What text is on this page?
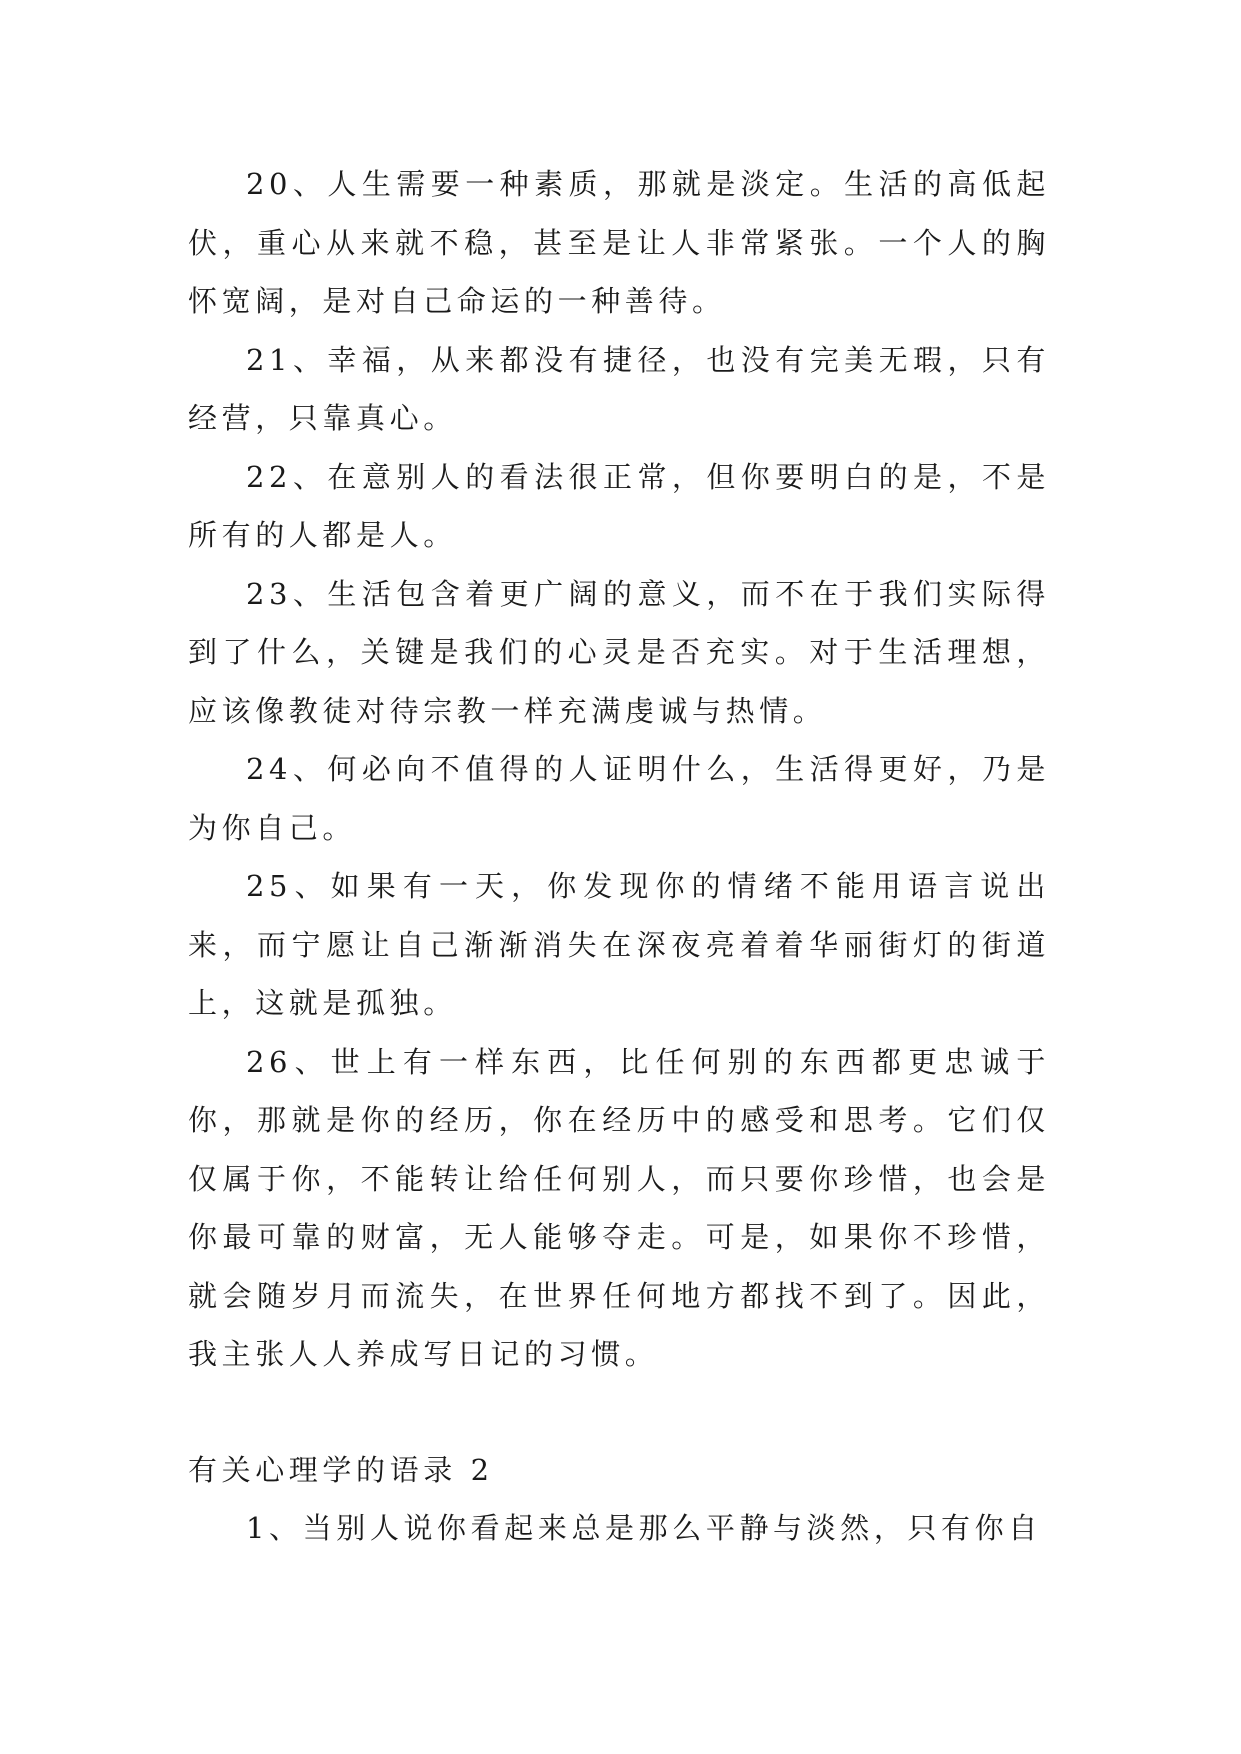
20、人生需要一种素质，那就是淡定。生活的高低起伏，重心从来就不稳，甚至是让人非常紧张。一个人的胸怀宽阔，是对自己命运的一种善待。

21、幸福，从来都没有捷径，也没有完美无瑕，只有经营，只靠真心。

22、在意别人的看法很正常，但你要明白的是，不是所有的人都是人。

23、生活包含着更广阔的意义，而不在于我们实际得到了什么，关键是我们的心灵是否充实。对于生活理想，应该像教徒对待宗教一样充满虔诚与热情。

24、何必向不值得的人证明什么，生活得更好，乃是为你自己。

25、如果有一天，你发现你的情绪不能用语言说出来，而宁愿让自己渐渐消失在深夜亮着着华丽街灯的街道上，这就是孤独。

26、世上有一样东西，比任何别的东西都更忠诚于你，那就是你的经历，你在经历中的感受和思考。它们仅仅属于你，不能转让给任何别人，而只要你珍惜，也会是你最可靠的财富，无人能够夺走。可是，如果你不珍惜，就会随岁月而流失，在世界任何地方都找不到了。因此，我主张人人养成写日记的习惯。

有关心理学的语录 2

1、当别人说你看起来总是那么平静与淡然，只有你自
